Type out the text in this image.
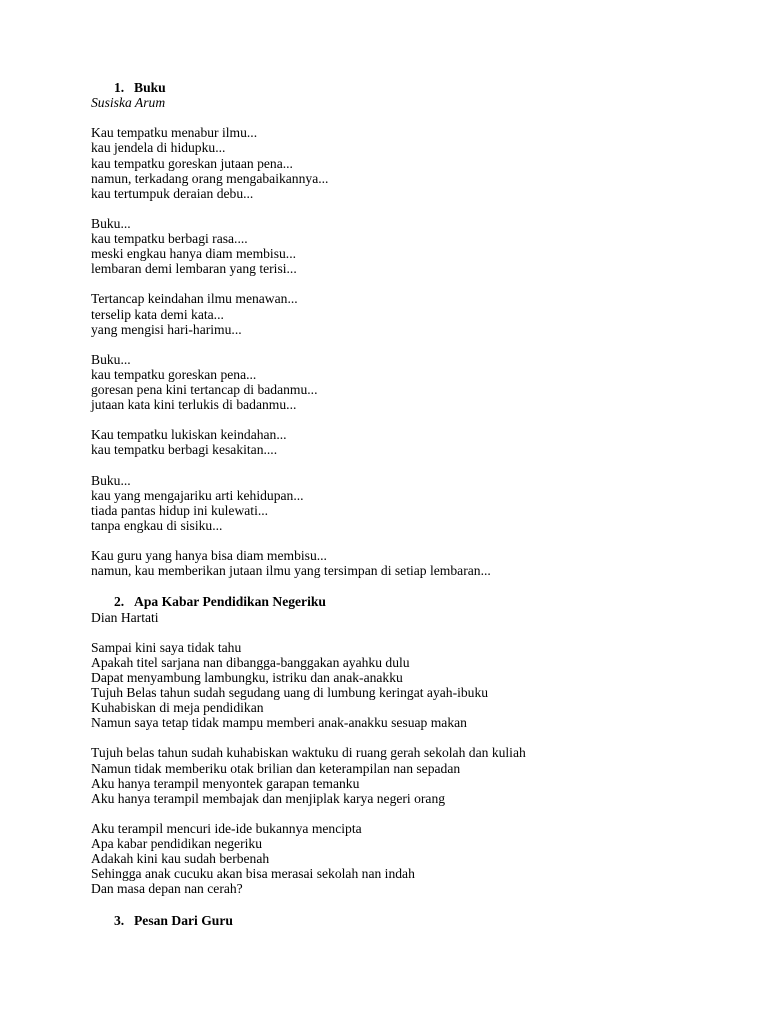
1. Buku
Susiska Arum
Kau tempatku menabur ilmu...
kau jendela di hidupku...
kau tempatku goreskan jutaan pena...
namun, terkadang orang mengabaikannya...
kau tertumpuk deraian debu...
Buku...
kau tempatku berbagi rasa....
meski engkau hanya diam membisu...
lembaran demi lembaran yang terisi...
Tertancap keindahan ilmu menawan...
terselip kata demi kata...
yang mengisi hari-harimu...
Buku...
kau tempatku goreskan pena...
goresan pena kini tertancap di badanmu...
jutaan kata kini terlukis di badanmu...
Kau tempatku lukiskan keindahan...
kau tempatku berbagi kesakitan....
Buku...
kau yang mengajariku arti kehidupan...
tiada pantas hidup ini kulewati...
tanpa engkau di sisiku...
Kau guru yang hanya bisa diam membisu...
namun, kau memberikan jutaan ilmu yang tersimpan di setiap lembaran...
2. Apa Kabar Pendidikan Negeriku
Dian Hartati
Sampai kini saya tidak tahu
Apakah titel sarjana nan dibangga-banggakan ayahku dulu
Dapat menyambung lambungku, istriku dan anak-anakku
Tujuh Belas tahun sudah segudang uang di lumbung keringat ayah-ibuku
Kuhabiskan di meja pendidikan
Namun saya tetap tidak mampu memberi anak-anakku sesuap makan
Tujuh belas tahun sudah kuhabiskan waktuku di ruang gerah sekolah dan kuliah
Namun tidak memberiku otak brilian dan keterampilan nan sepadan
Aku hanya terampil menyontek garapan temanku
Aku hanya terampil membajak dan menjiplak karya negeri orang
Aku terampil mencuri ide-ide bukannya mencipta
Apa kabar pendidikan negeriku
Adakah kini kau sudah berbenah
Sehingga anak cucuku akan bisa merasai sekolah nan indah
Dan masa depan nan cerah?
3. Pesan Dari Guru
